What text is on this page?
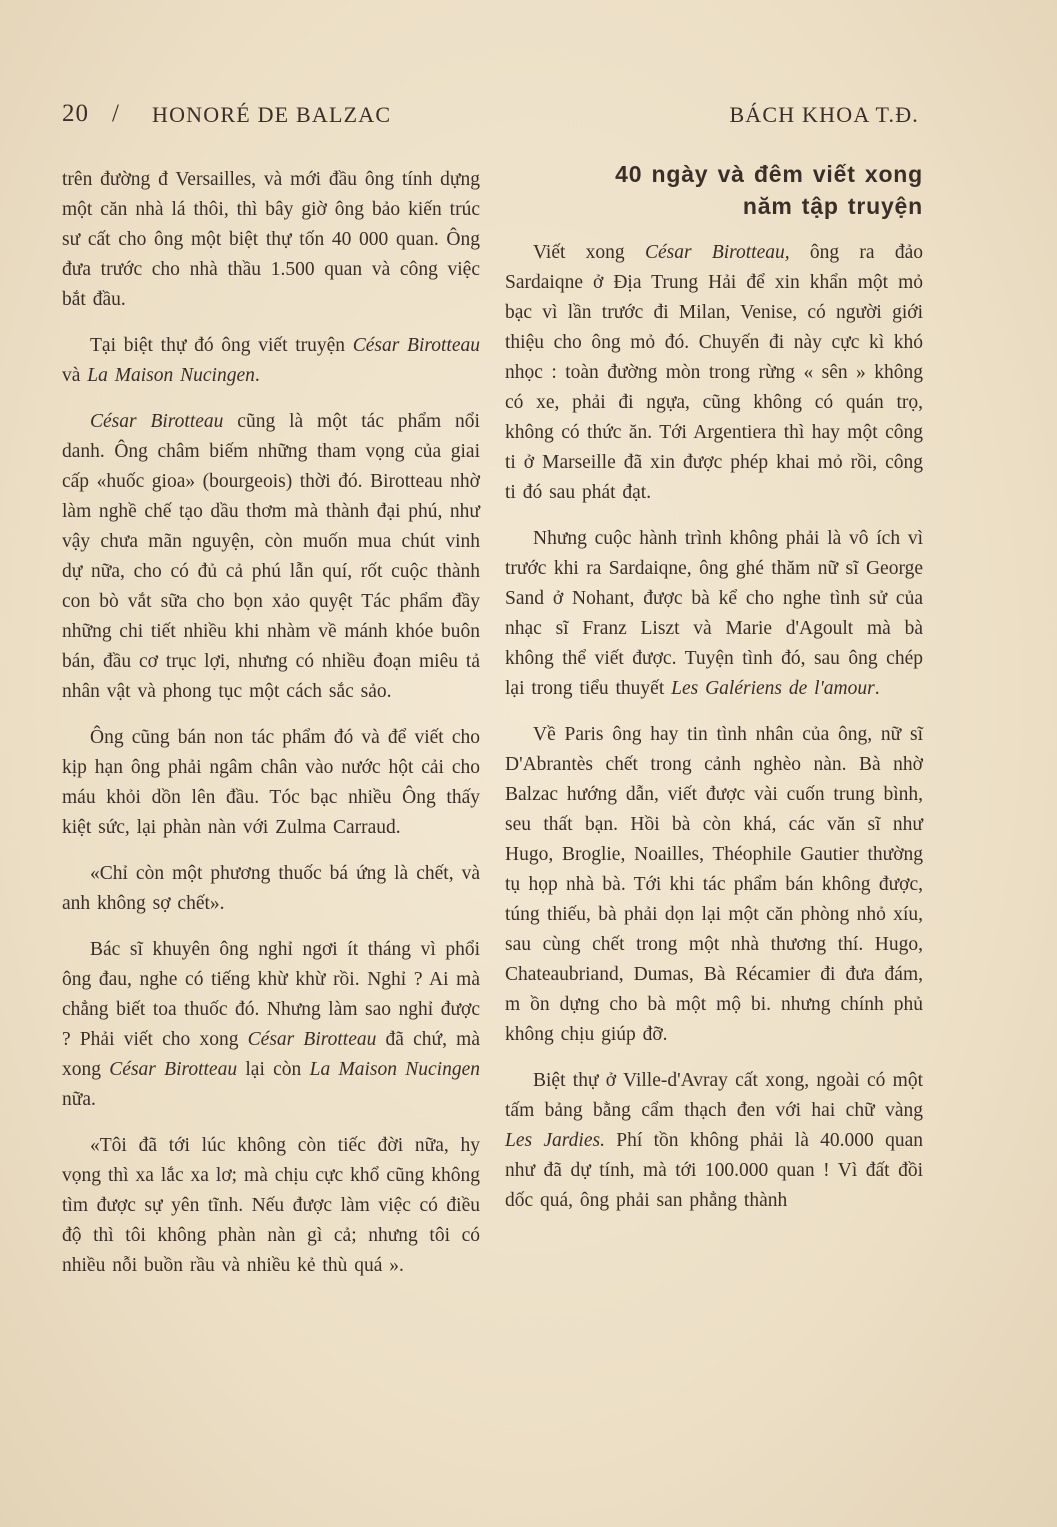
20 / HONORÉ DE BALZAC	BÁCH KHOA T.Đ.

trên đường đ Versailles, và mới đầu ông tính dựng một căn nhà lá thôi, thì bây giờ ông bảo kiến trúc sư cất cho ông một biệt thự tốn 40 000 quan. Ông đưa trước cho nhà thầu 1.500 quan và công việc bắt đầu.

Tại biệt thự đó ông viết truyện César Birotteau và La Maison Nucingen.

César Birotteau cũng là một tác phẩm nổi danh. Ông châm biếm những tham vọng của giai cấp «huốc gioa» (bourgeois) thời đó. Birotteau nhờ làm nghề chế tạo dầu thơm mà thành đại phú, như vậy chưa mãn nguyện, còn muốn mua chút vinh dự nữa, cho có đủ cả phú lẫn quí, rốt cuộc thành con bò vắt sữa cho bọn xảo quyệt Tác phẩm đầy những chi tiết nhiều khi nhàm về mánh khóe buôn bán, đầu cơ trục lợi, nhưng có nhiều đoạn miêu tả nhân vật và phong tục một cách sắc sảo.

Ông cũng bán non tác phẩm đó và để viết cho kịp hạn ông phải ngâm chân vào nước hột cải cho máu khỏi dồn lên đầu. Tóc bạc nhiều Ông thấy kiệt sức, lại phàn nàn với Zulma Carraud.

«Chỉ còn một phương thuốc bá ứng là chết, và anh không sợ chết».

Bác sĩ khuyên ông nghỉ ngơi ít tháng vì phổi ông đau, nghe có tiếng khừ khừ rồi. Nghỉ ? Ai mà chẳng biết toa thuốc đó. Nhưng làm sao nghỉ được ? Phải viết cho xong César Birotteau đã chứ, mà xong César Birotteau lại còn La Maison Nucingen nữa.

«Tôi đã tới lúc không còn tiếc đời nữa, hy vọng thì xa lắc xa lơ; mà chịu cực khổ cũng không tìm được sự yên tĩnh. Nếu được làm việc có điều độ thì tôi không phàn nàn gì cả; nhưng tôi có nhiều nỗi buồn rầu và nhiều kẻ thù quá ».

40 ngày và đêm viết xong
năm tập truyện

Viết xong César Birotteau, ông ra đảo Sardaiqne ở Địa Trung Hải để xin khẩn một mỏ bạc vì lần trước đi Milan, Venise, có người giới thiệu cho ông mỏ đó. Chuyến đi này cực kì khó nhọc : toàn đường mòn trong rừng « sên » không có xe, phải đi ngựa, cũng không có quán trọ, không có thức ăn. Tới Argentiera thì hay một công ti ở Marseille đã xin được phép khai mỏ rồi, công ti đó sau phát đạt.

Nhưng cuộc hành trình không phải là vô ích vì trước khi ra Sardaiqne, ông ghé thăm nữ sĩ George Sand ở Nohant, được bà kể cho nghe tình sử của nhạc sĩ Franz Liszt và Marie d'Agoult mà bà không thể viết được. Tuyện tình đó, sau ông chép lại trong tiểu thuyết Les Galériens de l'amour.

Về Paris ông hay tin tình nhân của ông, nữ sĩ D'Abrantès chết trong cảnh nghèo nàn. Bà nhờ Balzac hướng dẫn, viết được vài cuốn trung bình, seu thất bạn. Hồi bà còn khá, các văn sĩ như Hugo, Broglie, Noailles, Théophile Gautier thường tụ họp nhà bà. Tới khi tác phẩm bán không được, túng thiếu, bà phải dọn lại một căn phòng nhỏ xíu, sau cùng chết trong một nhà thương thí. Hugo, Chateaubriand, Dumas, Bà Récamier đi đưa đám, m ồn dựng cho bà một mộ bi. nhưng chính phủ không chịu giúp đỡ.

Biệt thự ở Ville-d'Avray cất xong, ngoài có một tấm bảng bằng cẩm thạch đen với hai chữ vàng Les Jardies. Phí tồn không phải là 40.000 quan như đã dự tính, mà tới 100.000 quan ! Vì đất đồi dốc quá, ông phải san phẳng thành
